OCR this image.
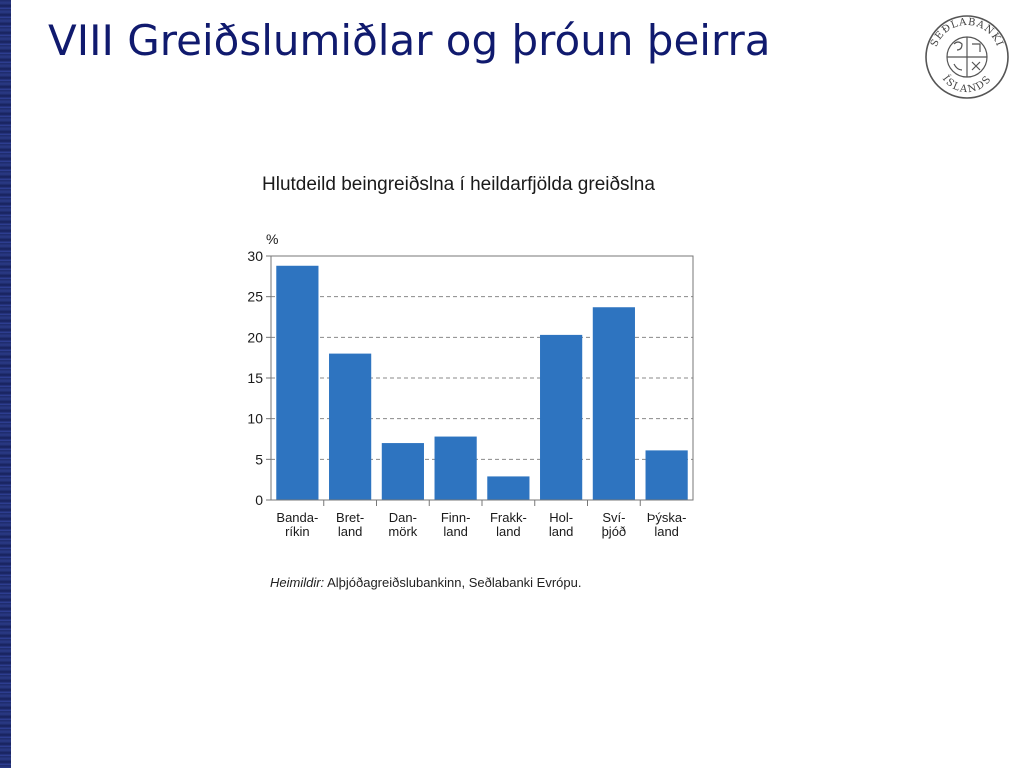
VIII Greiðslumiðlar og þróun þeirra	SEÐLABANKI
ÍSLANDS
Hlutdeild beingreiðslna í heildarfjölda greiðslna
0
5
10
15
20
25
30
%
Banda-ríkin
Bret-land
Dan-mörk
Finn-land
Frakk-land
Hol-land
Sví-þjóð
Þýska-land
Heimildir: Alþjóðagreiðslubankinn, Seðlabanki Evrópu.
